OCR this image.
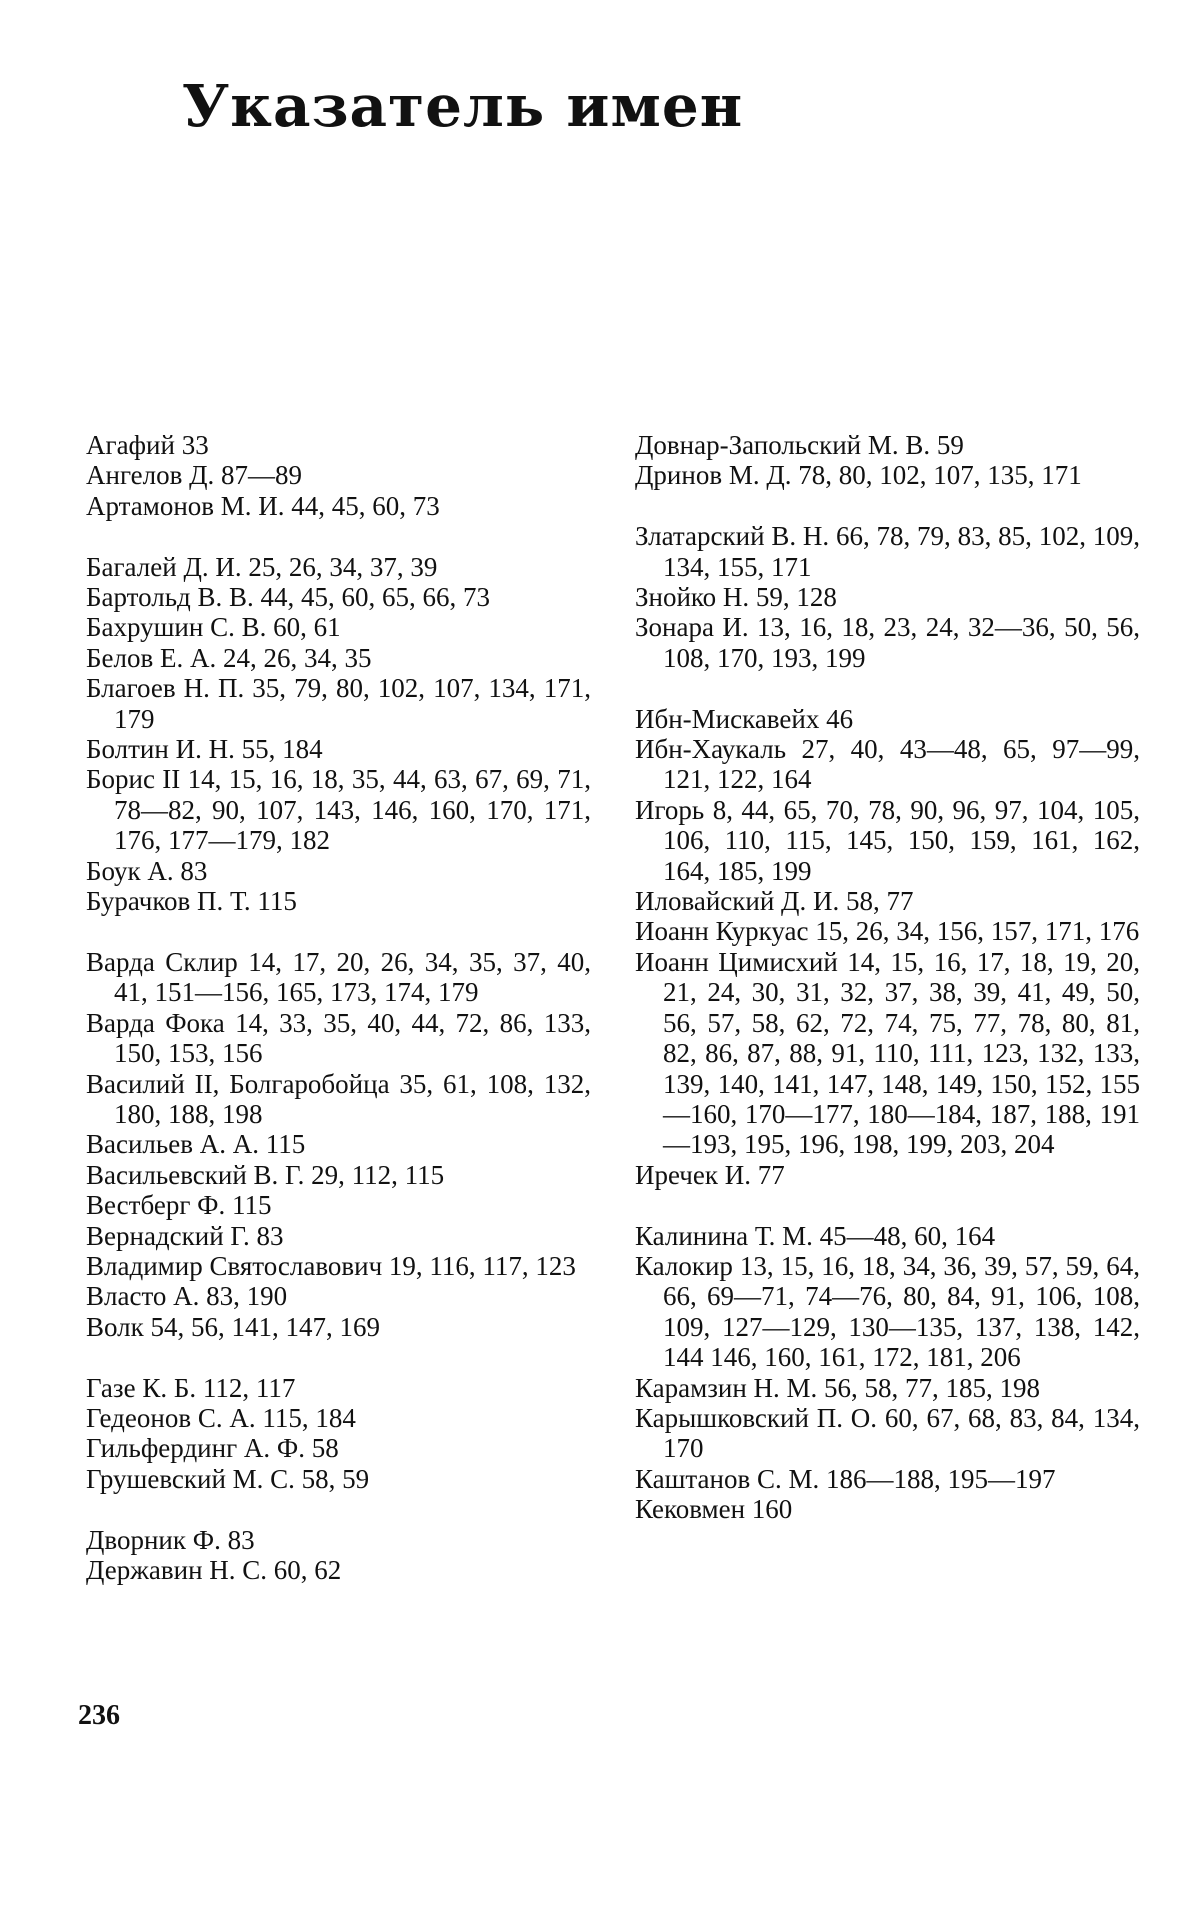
Указатель имен

Агафий 33

Ангелов Д. 87—89

Артамонов М. И. 44, 45, 60, 73

Багалей Д. И. 25, 26, 34, 37, 39

Бартольд В. В. 44, 45, 60, 65, 66, 73

Бахрушин С. В. 60, 61

Белов Е. А. 24, 26, 34, 35

Благоев Н. П. 35, 79, 80, 102, 107, 134, 171, 179

Болтин И. Н. 55, 184

Борис II 14, 15, 16, 18, 35, 44, 63, 67, 69, 71, 78—82, 90, 107, 143, 146, 160, 170, 171, 176, 177—179, 182

Боук А. 83

Бурачков П. Т. 115

Варда Склир 14, 17, 20, 26, 34, 35, 37, 40, 41, 151—156, 165, 173, 174, 179

Варда Фока 14, 33, 35, 40, 44, 72, 86, 133, 150, 153, 156

Василий II, Болгаробойца 35, 61, 108, 132, 180, 188, 198

Васильев А. А. 115

Васильевский В. Г. 29, 112, 115

Вестберг Ф. 115

Вернадский Г. 83

Владимир Святославович 19, 116, 117, 123

Власто А. 83, 190

Волк 54, 56, 141, 147, 169

Газе К. Б. 112, 117

Гедеонов С. А. 115, 184

Гильфердинг А. Ф. 58

Грушевский М. С. 58, 59

Дворник Ф. 83

Державин Н. С. 60, 62

Довнар-Запольский М. В. 59

Дринов М. Д. 78, 80, 102, 107, 135, 171

Златарский В. Н. 66, 78, 79, 83, 85, 102, 109, 134, 155, 171

Знойко Н. 59, 128

Зонара И. 13, 16, 18, 23, 24, 32—36, 50, 56, 108, 170, 193, 199

Ибн-Мискавейх 46

Ибн-Хаукаль 27, 40, 43—48, 65, 97—99, 121, 122, 164

Игорь 8, 44, 65, 70, 78, 90, 96, 97, 104, 105, 106, 110, 115, 145, 150, 159, 161, 162, 164, 185, 199

Иловайский Д. И. 58, 77

Иоанн Куркуас 15, 26, 34, 156, 157, 171, 176

Иоанн Цимисхий 14, 15, 16, 17, 18, 19, 20, 21, 24, 30, 31, 32, 37, 38, 39, 41, 49, 50, 56, 57, 58, 62, 72, 74, 75, 77, 78, 80, 81, 82, 86, 87, 88, 91, 110, 111, 123, 132, 133, 139, 140, 141, 147, 148, 149, 150, 152, 155—160, 170—177, 180—184, 187, 188, 191—193, 195, 196, 198, 199, 203, 204

Иречек И. 77

Калинина Т. М. 45—48, 60, 164

Калокир 13, 15, 16, 18, 34, 36, 39, 57, 59, 64, 66, 69—71, 74—76, 80, 84, 91, 106, 108, 109, 127—129, 130—135, 137, 138, 142, 144 146, 160, 161, 172, 181, 206

Карамзин Н. М. 56, 58, 77, 185, 198

Карышковский П. О. 60, 67, 68, 83, 84, 134, 170

Каштанов С. М. 186—188, 195—197

Кековмен 160

236
